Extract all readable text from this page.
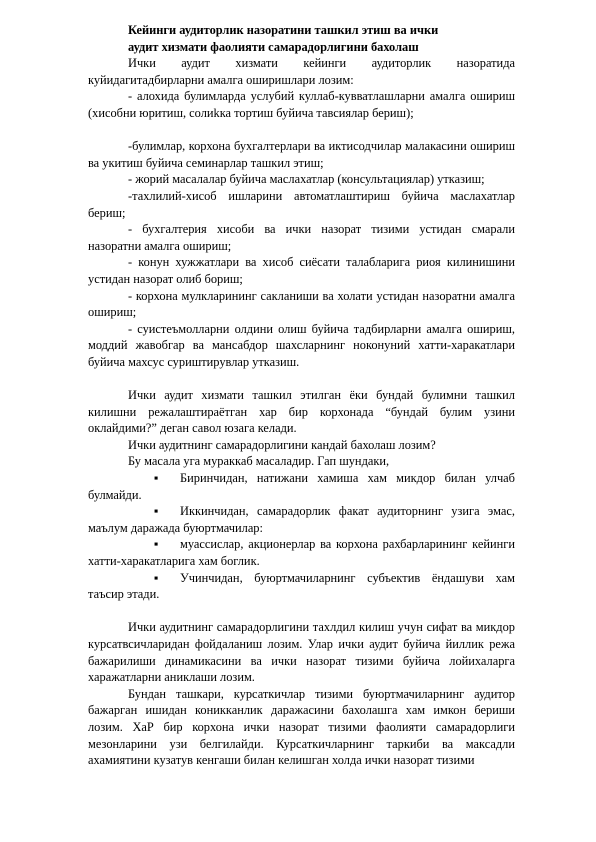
Кейинги аудиторлик назоратини ташкил этиш ва ички
аудит хизмати фаолияти самарадорлигини бахолаш

Ички аудит хизмати кейинги аудиторлик назоратида куйидагитадбирларни амалга оширишлари лозим:

- алохида булимларда услубий куллаб-кувватлашларни амалга ошириш (хисобни юритиш, солиkка тортиш буйича тавсиялар бериш);

-булимлар, корхона бухгалтерлари ва иктисодчилар малакасини ошириш ва укитиш буйича семинарлар ташкил этиш;

- жорий масалалар буйича маслахатлар (консультациялар) утказиш;

-тахлилий-хисоб ишларини автоматлаштириш буйича маслахатлар бериш;

- бухгалтерия хисоби ва ички назорат тизими устидан смарали назоратни амалга ошириш;

- конун хужжатлари ва хисоб сиёсати талабларига риоя килинишини устидан назорат олиб бориш;

- корхона мулкларининг сакланиши ва холати устидан назоратни амалга ошириш;

- суистеъмолларни олдини олиш буйича тадбирларни амалга ошириш, моддий жавобгар ва мансабдор шахсларнинг ноконуний хатти-харакатлари буйича махсус суриштирувлар утказиш.

Ички аудит хизмати ташкил этилган ёки бундай булимни ташкил килишни режалаштираётган хар бир корхонада “бундай булим узини оклайдими?” деган савол юзага келади.

Ички аудитнинг самарадорлигини кандай бахолаш лозим?

Бу масала уга мураккаб масаладир. Гап шундаки,

▪ Биринчидан, натижани хамиша хам микдор билан улчаб булмайди.

▪ Иккинчидан, самарадорлик факат аудиторнинг узига эмас, маълум даражада буюртмачилар:

▪ муассислар, акционерлар ва корхона рахбарларининг кейинги хатти-харакатларига хам боглик.

▪ Учинчидан, буюртмачиларнинг субъектив ёндашуви хам таъсир этади.

Ички аудитнинг самарадорлигини тахлдил килиш учун сифат ва микдор курсатвсичларидан фойдаланиш лозим. Улар ички аудит буйича йиллик режа бажарилиши динамикасини ва ички назорат тизими буйича лойихаларга харажатларни аниклаши лозим.

Бундан ташкари, курсаткичлар тизими буюртмачиларнинг аудитор бажарган ишидан коникканлик даражасини бахолашга хам имкон бериши лозим. ХаР бир корхона ички назорат тизими фаолияти самарадорлиги мезонларини узи белгилайди. Курсаткичларнинг таркиби ва максадли ахамиятини кузатув кенгаши билан келишган холда ички назорат тизими
